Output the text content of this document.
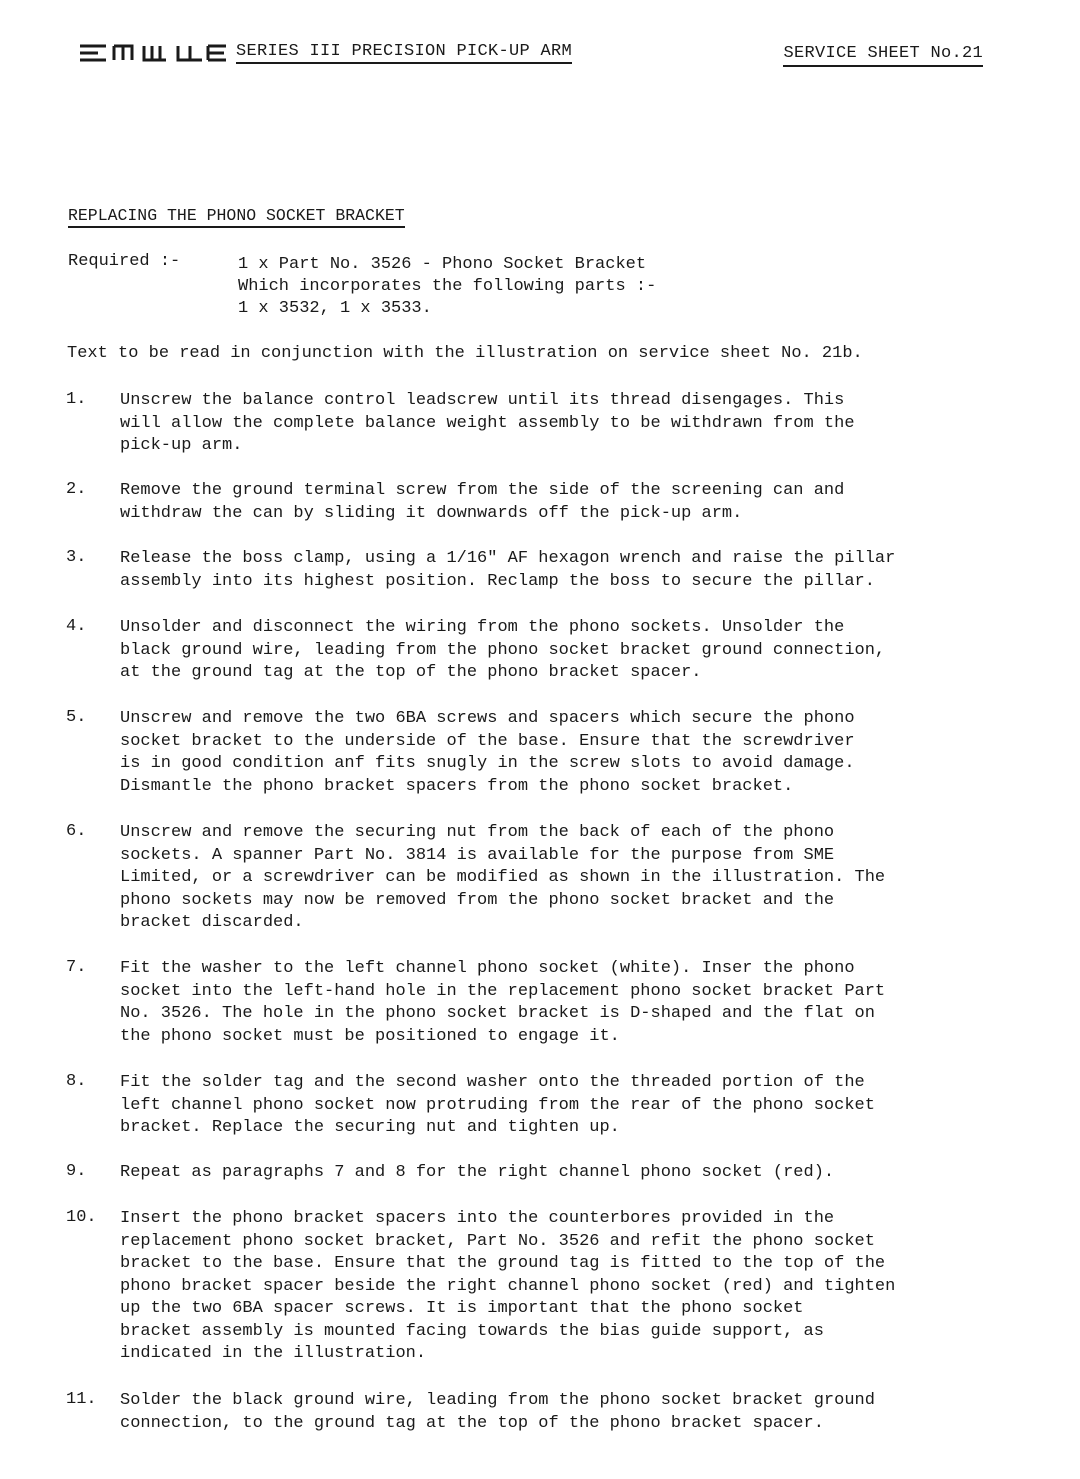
SME	SERIES III PRECISION PICK-UP ARM	SERVICE SHEET No.21
REPLACING THE PHONO SOCKET BRACKET
Required :-	1 x Part No. 3526 - Phono Socket Bracket
Which incorporates the following parts :-
1 x 3532, 1 x 3533.
Text to be read in conjunction with the illustration on service sheet No. 21b.
1. Unscrew the balance control leadscrew until its thread disengages. This
will allow the complete balance weight assembly to be withdrawn from the
pick-up arm.
2. Remove the ground terminal screw from the side of the screening can and
withdraw the can by sliding it downwards off the pick-up arm.
3. Release the boss clamp, using a 1/16" AF hexagon wrench and raise the pillar
assembly into its highest position. Reclamp the boss to secure the pillar.
4. Unsolder and disconnect the wiring from the phono sockets. Unsolder the
black ground wire, leading from the phono socket bracket ground connection,
at the ground tag at the top of the phono bracket spacer.
5. Unscrew and remove the two 6BA screws and spacers which secure the phono
socket bracket to the underside of the base. Ensure that the screwdriver
is in good condition anf fits snugly in the screw slots to avoid damage.
Dismantle the phono bracket spacers from the phono socket bracket.
6. Unscrew and remove the securing nut from the back of each of the phono
sockets. A spanner Part No. 3814 is available for the purpose from SME
Limited, or a screwdriver can be modified as shown in the illustration. The
phono sockets may now be removed from the phono socket bracket and the
bracket discarded.
7. Fit the washer to the left channel phono socket (white). Inser the phono
socket into the left-hand hole in the replacement phono socket bracket Part
No. 3526. The hole in the phono socket bracket is D-shaped and the flat on
the phono socket must be positioned to engage it.
8. Fit the solder tag and the second washer onto the threaded portion of the
left channel phono socket now protruding from the rear of the phono socket
bracket. Replace the securing nut and tighten up.
9. Repeat as paragraphs 7 and 8 for the right channel phono socket (red).
10. Insert the phono bracket spacers into the counterbores provided in the
replacement phono socket bracket, Part No. 3526 and refit the phono socket
bracket to the base. Ensure that the ground tag is fitted to the top of the
phono bracket spacer beside the right channel phono socket (red) and tighten
up the two 6BA spacer screws. It is important that the phono socket
bracket assembly is mounted facing towards the bias guide support, as
indicated in the illustration.
11. Solder the black ground wire, leading from the phono socket bracket ground
connection, to the ground tag at the top of the phono bracket spacer.
